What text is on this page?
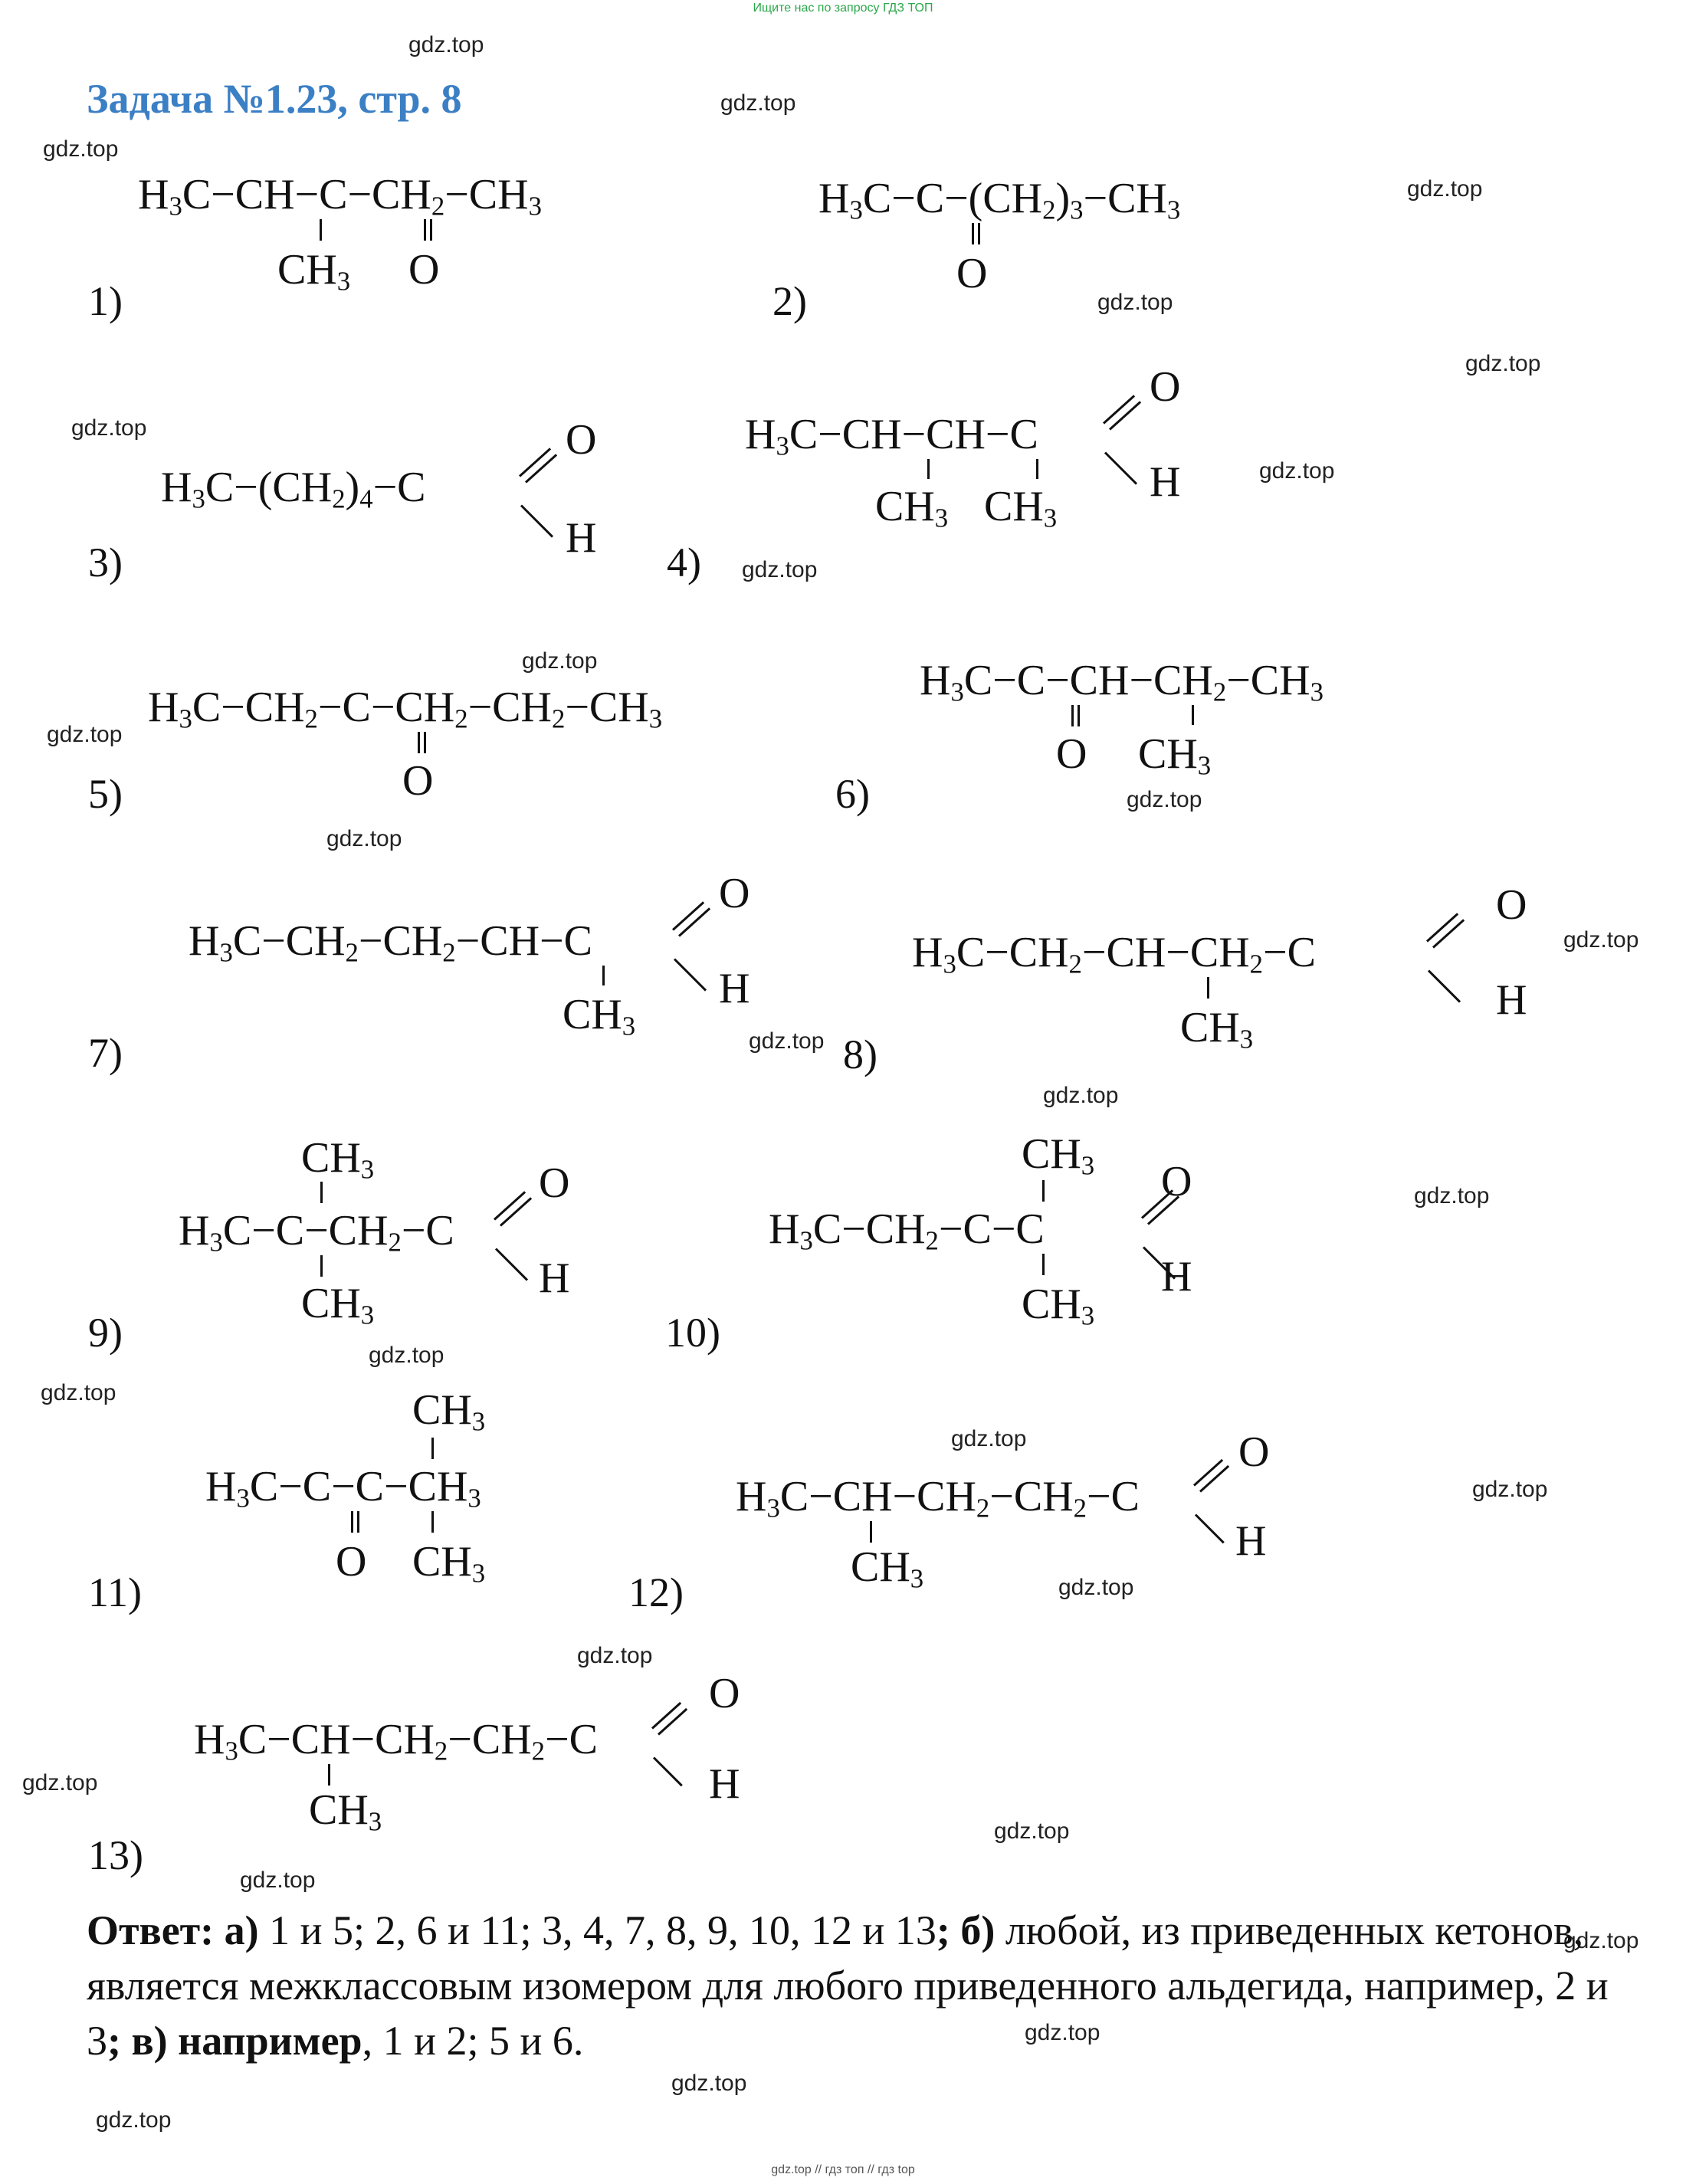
Ищите нас по запросу ГДЗ ТОП
Задача №1.23, стр. 8
gdz.top
gdz.top
gdz.top
gdz.top
gdz.top
gdz.top
gdz.top
gdz.top
gdz.top
gdz.top
gdz.top
gdz.top
gdz.top
gdz.top
gdz.top
gdz.top
gdz.top
gdz.top
gdz.top
gdz.top
gdz.top
gdz.top
gdz.top
gdz.top
gdz.top
gdz.top
gdz.top
gdz.top
gdz.top
gdz.top
1)	2)
3)	4)
5)	6)
7)	8)
9)	10)
11)	12)
13)
$H_3C-CH-C-CH_2-CH_3$
$CH_3$ O
$H_3C-C-(CH_2)_3-CH_3$
O
$H_3C-(CH_2)_4-C$
O
H
$H_3C-CH-CH-C$
$CH_3$ $CH_3$
O
H
$H_3C-CH_2-C-CH_2-CH_2-CH_3$
O
$H_3C-C-CH-CH_2-CH_3$
O $CH_3$
$H_3C-CH_2-CH_2-CH-C$
$CH_3$
O
H
$H_3C-CH_2-CH-CH_2-C$
$CH_3$
O
H
$H_3C-C-CH_2-C$
$CH_3$
$CH_3$
O
H
$H_3C-CH_2-C-C$
$CH_3$
$CH_3$
O
H
$H_3C-C-C-CH_3$
$CH_3$
O $CH_3$
$H_3C-CH-CH_2-CH_2-C$
$CH_3$
O
H
$H_3C-CH-CH_2-CH_2-C$
$CH_3$
O
H
Ответ: а) 1 и 5; 2, 6 и 11; 3, 4, 7, 8, 9, 10, 12 и 13; б) любой, из приведенных кетонов, является межклассовым изомером для любого приведенного альдегида, например, 2 и 3; в) например, 1 и 2; 5 и 6.
gdz.top // гдз топ // гдз top
